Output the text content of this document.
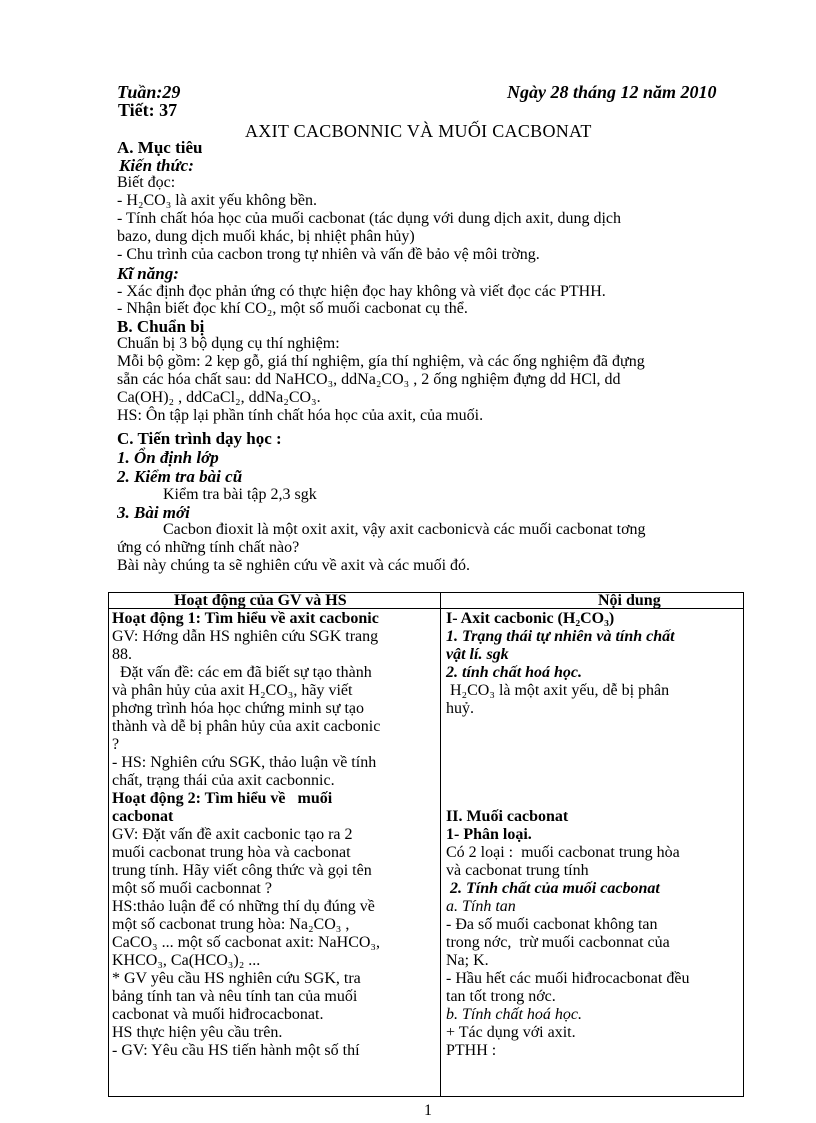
Tuần:29
Tiết: 37
Ngày 28 tháng 12 năm 2010
AXIT CACBONNIC VÀ MUỐI CACBONAT
A. Mục tiêu
Kiến thức:
Biết đọc:
- H₂CO₃ là axit yếu không bền.
- Tính chất hóa học của muối cacbonat (tác dụng với dung dịch axit, dung dịch
bazo, dung dịch muối khác, bị nhiệt phân hủy)
- Chu trình của cacbon trong tự nhiên và vấn đề bảo vệ môi trờng.
Kĩ năng:
- Xác định đọc phản ứng có thực hiện đọc hay không và viết đọc các PTHH.
- Nhận biết đọc khí CO₂, một số muối cacbonat cụ thể.
B. Chuẩn bị
Chuẩn bị 3 bộ dụng cụ thí nghiệm:
Mỗi bộ gồm: 2 kẹp gỗ, giá thí nghiệm, gía thí nghiệm, và các ống nghiệm đã đựng
sẵn các hóa chất sau: dd NaHCO₃, ddNa₂CO₃ , 2 ống nghiệm đựng dd HCl, dd
Ca(OH)₂ , ddCaCl₂, ddNa₂CO₃.
HS: Ôn tập lại phần tính chất hóa học của axit, của muối.
C. Tiến trình dạy học :
1. Ổn định lớp
2. Kiểm tra bài cũ
Kiểm tra bài tập 2,3 sgk
3. Bài mới
Cacbon đioxit là một oxit axit, vậy axit cacbonicvà các muối cacbonat tơng
ứng có những tính chất nào?
Bài này chúng ta sẽ nghiên cứu về axit và các muối đó.
Hoạt động của GV và HS	Nội dung
Hoạt động 1: Tìm hiểu về axit cacbonic
GV: Hớng dẫn HS nghiên cứu SGK trang
88.
Đặt vấn đề: các em đã biết sự tạo thành
và phân hủy của axit H₂CO₃, hãy viết
phơng trình hóa học chứng minh sự tạo
thành và dễ bị phân hủy của axit cacbonic
?
- HS: Nghiên cứu SGK, thảo luận về tính
chất, trạng thái của axit cacbonnic.
Hoạt động 2: Tìm hiểu về   muối
cacbonat
GV: Đặt vấn đề axit cacbonic tạo ra 2
muối cacbonat trung hòa và cacbonat
trung tính. Hãy viết công thức và gọi tên
một số muối cacbonnat ?
HS:thảo luận để có những thí dụ đúng về
một số cacbonat trung hòa: Na₂CO₃ ,
CaCO₃ ... một số cacbonat axit: NaHCO₃,
KHCO₃, Ca(HCO₃)₂ ...
* GV yêu cầu HS nghiên cứu SGK, tra
bảng tính tan và nêu tính tan của muối
cacbonat và muối hiđrocacbonat.
HS thực hiện yêu cầu trên.
- GV: Yêu cầu HS tiến hành một số thí
I- Axit cacbonic (H₂CO₃)
1. Trạng thái tự nhiên và tính chất
vật lí. sgk
2. tính chất hoá học.
H₂CO₃ là một axit yếu, dễ bị phân
huỷ.
II. Muối cacbonat
1- Phân loại.
Có 2 loại :  muối cacbonat trung hòa
và cacbonat trung tính
2. Tính chất của muối cacbonat
a. Tính tan
- Đa số muối cacbonat không tan
trong nớc,  trừ muối cacbonnat của
Na; K.
- Hầu hết các muối hiđrocacbonat đều
tan tốt trong nớc.
b. Tính chất hoá học.
+ Tác dụng với axit.
PTHH :
1
